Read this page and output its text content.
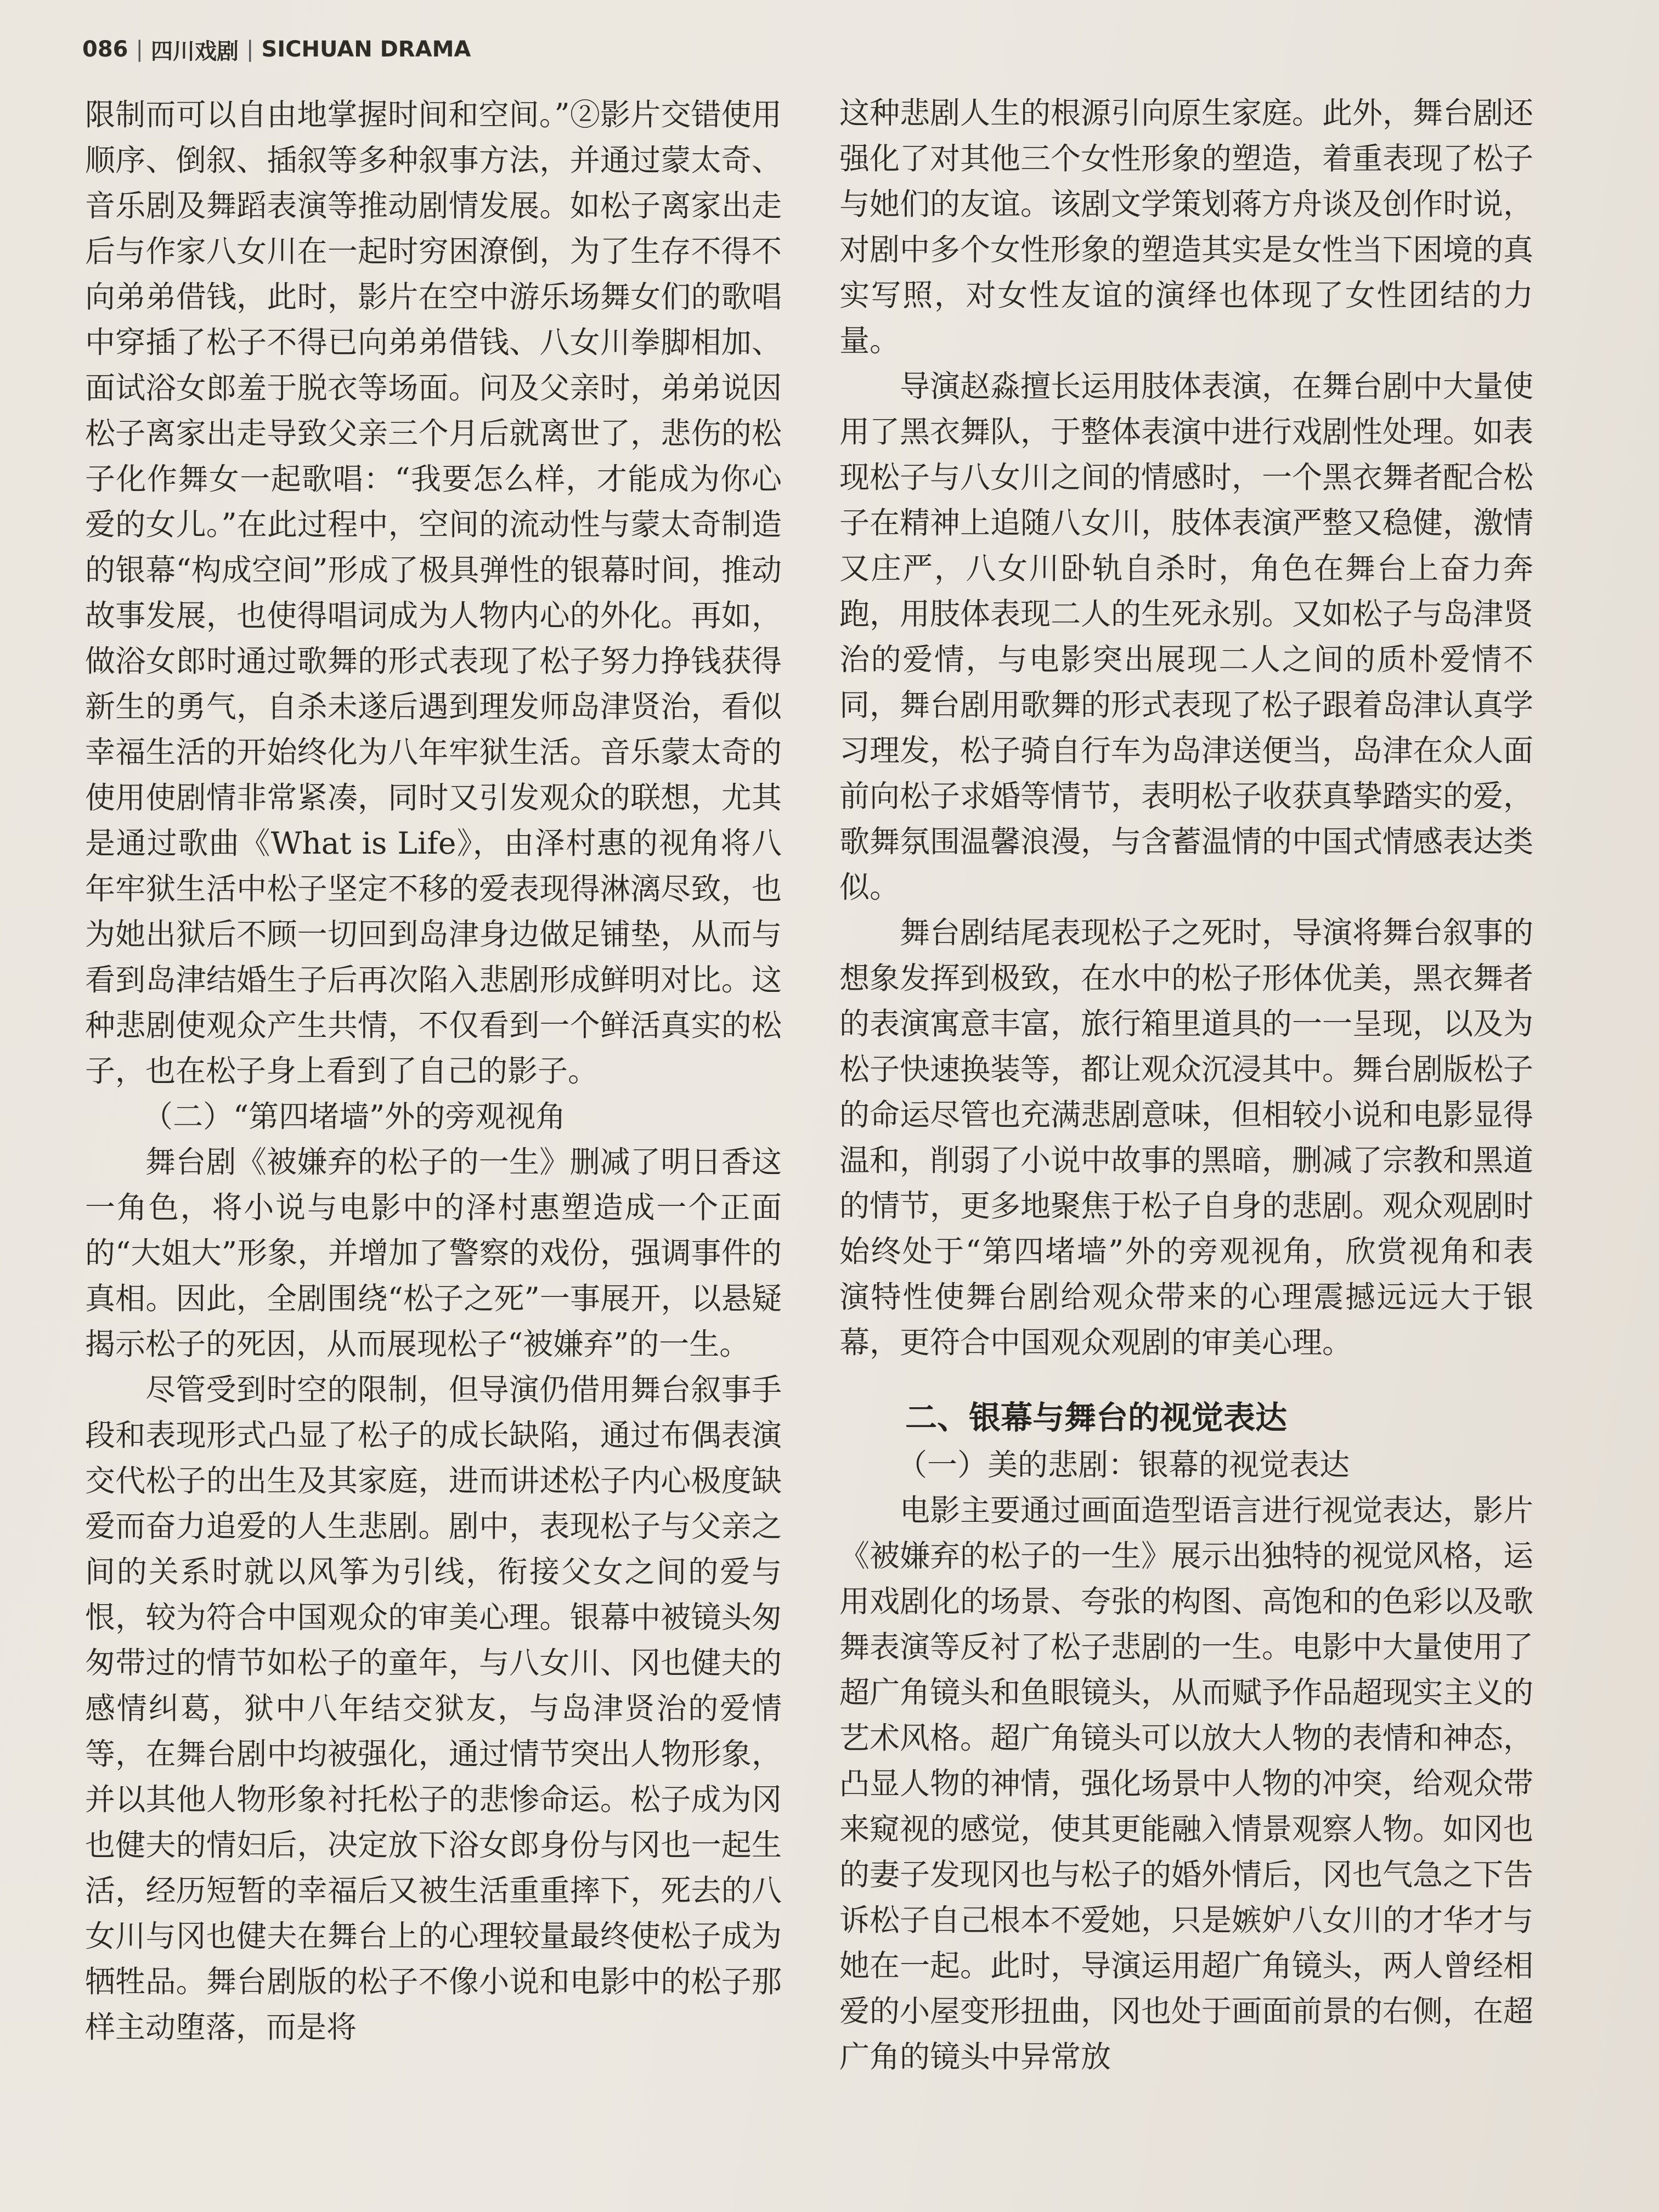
086 | 四川戏剧 | SICHUAN DRAMA

限制而可以自由地掌握时间和空间。”②影片交错使用顺序、倒叙、插叙等多种叙事方法，并通过蒙太奇、音乐剧及舞蹈表演等推动剧情发展。如松子离家出走后与作家八女川在一起时穷困潦倒，为了生存不得不向弟弟借钱，此时，影片在空中游乐场舞女们的歌唱中穿插了松子不得已向弟弟借钱、八女川拳脚相加、面试浴女郎羞于脱衣等场面。问及父亲时，弟弟说因松子离家出走导致父亲三个月后就离世了，悲伤的松子化作舞女一起歌唱：“我要怎么样，才能成为你心爱的女儿。”在此过程中，空间的流动性与蒙太奇制造的银幕“构成空间”形成了极具弹性的银幕时间，推动故事发展，也使得唱词成为人物内心的外化。再如，做浴女郎时通过歌舞的形式表现了松子努力挣钱获得新生的勇气，自杀未遂后遇到理发师岛津贤治，看似幸福生活的开始终化为八年牢狱生活。音乐蒙太奇的使用使剧情非常紧凑，同时又引发观众的联想，尤其是通过歌曲《What is Life》，由泽村惠的视角将八年牢狱生活中松子坚定不移的爱表现得淋漓尽致，也为她出狱后不顾一切回到岛津身边做足铺垫，从而与看到岛津结婚生子后再次陷入悲剧形成鲜明对比。这种悲剧使观众产生共情，不仅看到一个鲜活真实的松子，也在松子身上看到了自己的影子。

（二）“第四堵墙”外的旁观视角

舞台剧《被嫌弃的松子的一生》删减了明日香这一角色，将小说与电影中的泽村惠塑造成一个正面的“大姐大”形象，并增加了警察的戏份，强调事件的真相。因此，全剧围绕“松子之死”一事展开，以悬疑揭示松子的死因，从而展现松子“被嫌弃”的一生。

尽管受到时空的限制，但导演仍借用舞台叙事手段和表现形式凸显了松子的成长缺陷，通过布偶表演交代松子的出生及其家庭，进而讲述松子内心极度缺爱而奋力追爱的人生悲剧。剧中，表现松子与父亲之间的关系时就以风筝为引线，衔接父女之间的爱与恨，较为符合中国观众的审美心理。银幕中被镜头匆匆带过的情节如松子的童年，与八女川、冈也健夫的感情纠葛，狱中八年结交狱友，与岛津贤治的爱情等，在舞台剧中均被强化，通过情节突出人物形象，并以其他人物形象衬托松子的悲惨命运。松子成为冈也健夫的情妇后，决定放下浴女郎身份与冈也一起生活，经历短暂的幸福后又被生活重重摔下，死去的八女川与冈也健夫在舞台上的心理较量最终使松子成为牺牲品。舞台剧版的松子不像小说和电影中的松子那样主动堕落，而是将

这种悲剧人生的根源引向原生家庭。此外，舞台剧还强化了对其他三个女性形象的塑造，着重表现了松子与她们的友谊。该剧文学策划蒋方舟谈及创作时说，对剧中多个女性形象的塑造其实是女性当下困境的真实写照，对女性友谊的演绎也体现了女性团结的力量。

导演赵淼擅长运用肢体表演，在舞台剧中大量使用了黑衣舞队，于整体表演中进行戏剧性处理。如表现松子与八女川之间的情感时，一个黑衣舞者配合松子在精神上追随八女川，肢体表演严整又稳健，激情又庄严，八女川卧轨自杀时，角色在舞台上奋力奔跑，用肢体表现二人的生死永别。又如松子与岛津贤治的爱情，与电影突出展现二人之间的质朴爱情不同，舞台剧用歌舞的形式表现了松子跟着岛津认真学习理发，松子骑自行车为岛津送便当，岛津在众人面前向松子求婚等情节，表明松子收获真挚踏实的爱，歌舞氛围温馨浪漫，与含蓄温情的中国式情感表达类似。

舞台剧结尾表现松子之死时，导演将舞台叙事的想象发挥到极致，在水中的松子形体优美，黑衣舞者的表演寓意丰富，旅行箱里道具的一一呈现，以及为松子快速换装等，都让观众沉浸其中。舞台剧版松子的命运尽管也充满悲剧意味，但相较小说和电影显得温和，削弱了小说中故事的黑暗，删减了宗教和黑道的情节，更多地聚焦于松子自身的悲剧。观众观剧时始终处于“第四堵墙”外的旁观视角，欣赏视角和表演特性使舞台剧给观众带来的心理震撼远远大于银幕，更符合中国观众观剧的审美心理。

二、银幕与舞台的视觉表达

（一）美的悲剧：银幕的视觉表达

电影主要通过画面造型语言进行视觉表达，影片《被嫌弃的松子的一生》展示出独特的视觉风格，运用戏剧化的场景、夸张的构图、高饱和的色彩以及歌舞表演等反衬了松子悲剧的一生。电影中大量使用了超广角镜头和鱼眼镜头，从而赋予作品超现实主义的艺术风格。超广角镜头可以放大人物的表情和神态，凸显人物的神情，强化场景中人物的冲突，给观众带来窥视的感觉，使其更能融入情景观察人物。如冈也的妻子发现冈也与松子的婚外情后，冈也气急之下告诉松子自己根本不爱她，只是嫉妒八女川的才华才与她在一起。此时，导演运用超广角镜头，两人曾经相爱的小屋变形扭曲，冈也处于画面前景的右侧，在超广角的镜头中异常放
